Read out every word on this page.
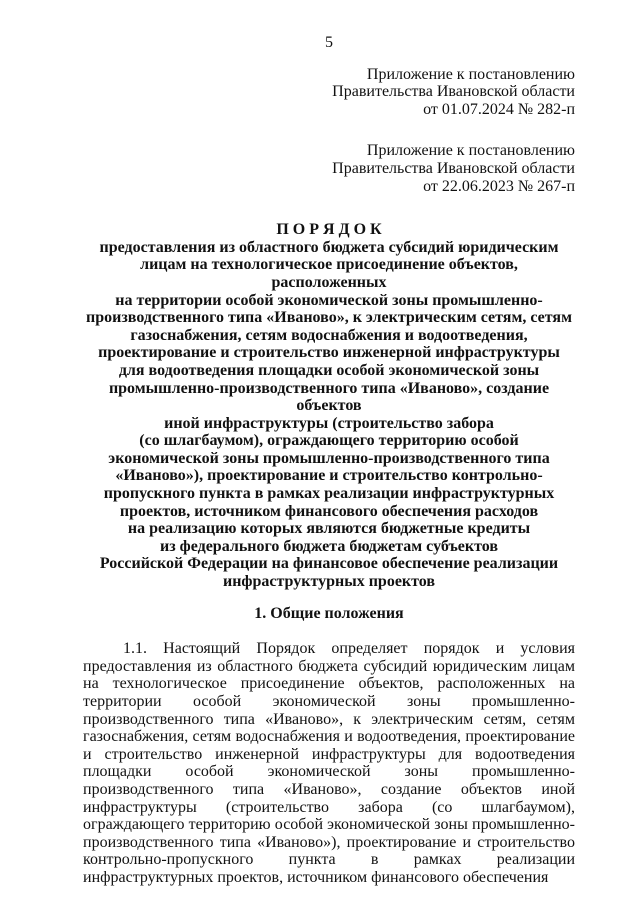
5
Приложение к постановлению
Правительства Ивановской области
от 01.07.2024 № 282-п
Приложение к постановлению
Правительства Ивановской области
от 22.06.2023 № 267-п
П О Р Я Д О К
предоставления из областного бюджета субсидий юридическим
лицам на технологическое присоединение объектов, расположенных
на территории особой экономической зоны промышленно-
производственного типа «Иваново», к электрическим сетям, сетям
газоснабжения, сетям водоснабжения и водоотведения,
проектирование и строительство инженерной инфраструктуры
для водоотведения площадки особой экономической зоны
промышленно-производственного типа «Иваново», создание объектов
иной инфраструктуры (строительство забора
(со шлагбаумом), ограждающего территорию особой
экономической зоны промышленно-производственного типа
«Иваново»), проектирование и строительство контрольно-
пропускного пункта в рамках реализации инфраструктурных
проектов, источником финансового обеспечения расходов
на реализацию которых являются бюджетные кредиты
из федерального бюджета бюджетам субъектов
Российской Федерации на финансовое обеспечение реализации
инфраструктурных проектов
1. Общие положения
1.1. Настоящий Порядок определяет порядок и условия предоставления из областного бюджета субсидий юридическим лицам на технологическое присоединение объектов, расположенных на территории особой экономической зоны промышленно-производственного типа «Иваново», к электрическим сетям, сетям газоснабжения, сетям водоснабжения и водоотведения, проектирование и строительство инженерной инфраструктуры для водоотведения площадки особой экономической зоны промышленно-производственного типа «Иваново», создание объектов иной инфраструктуры (строительство забора (со шлагбаумом), ограждающего территорию особой экономической зоны промышленно-производственного типа «Иваново»), проектирование и строительство контрольно-пропускного пункта в рамках реализации инфраструктурных проектов, источником финансового обеспечения
